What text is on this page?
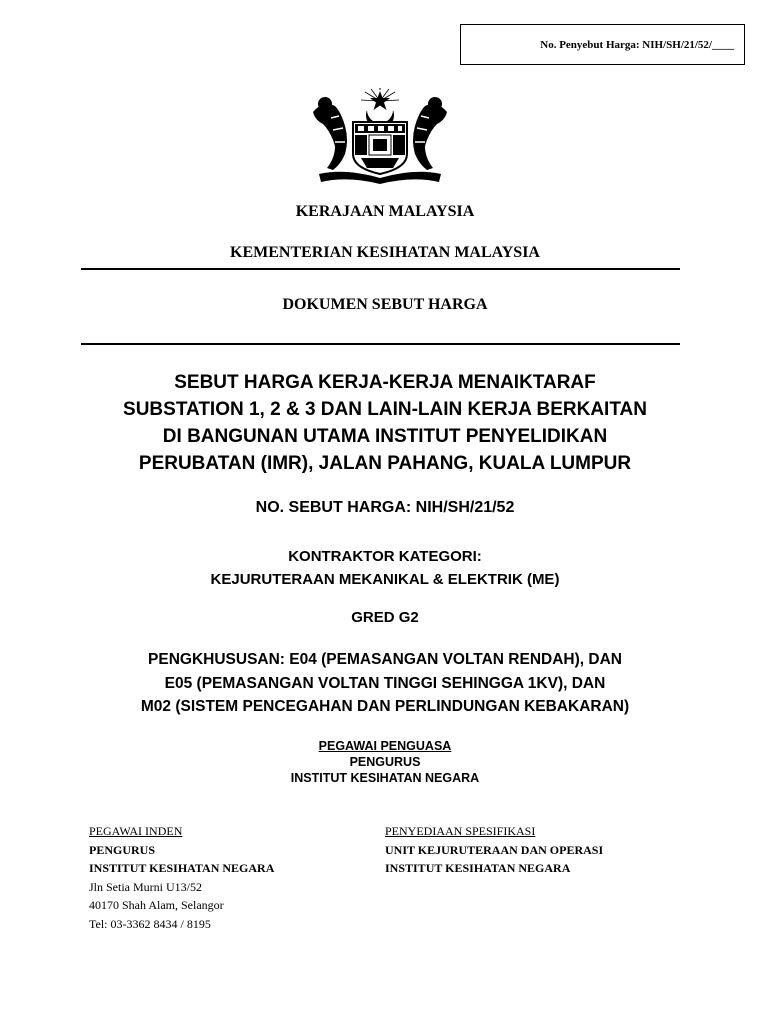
No. Penyebut Harga: NIH/SH/21/52/____
KERAJAAN MALAYSIA
KEMENTERIAN KESIHATAN MALAYSIA
DOKUMEN SEBUT HARGA
SEBUT HARGA KERJA-KERJA MENAIKTARAF
SUBSTATION 1, 2 & 3 DAN LAIN-LAIN KERJA BERKAITAN
DI BANGUNAN UTAMA INSTITUT PENYELIDIKAN
PERUBATAN (IMR), JALAN PAHANG, KUALA LUMPUR
NO. SEBUT HARGA: NIH/SH/21/52
KONTRAKTOR KATEGORI:
KEJURUTERAAN MEKANIKAL & ELEKTRIK (ME)
GRED G2
PENGKHUSUSAN: E04 (PEMASANGAN VOLTAN RENDAH), DAN
E05 (PEMASANGAN VOLTAN TINGGI SEHINGGA 1KV), DAN
M02 (SISTEM PENCEGAHAN DAN PERLINDUNGAN KEBAKARAN)
PEGAWAI PENGUASA
PENGURUS
INSTITUT KESIHATAN NEGARA
PEGAWAI INDEN
PENGURUS
INSTITUT KESIHATAN NEGARA
Jln Setia Murni U13/52
40170 Shah Alam, Selangor
Tel: 03-3362 8434 / 8195
PENYEDIAAN SPESIFIKASI
UNIT KEJURUTERAAN DAN OPERASI
INSTITUT KESIHATAN NEGARA
